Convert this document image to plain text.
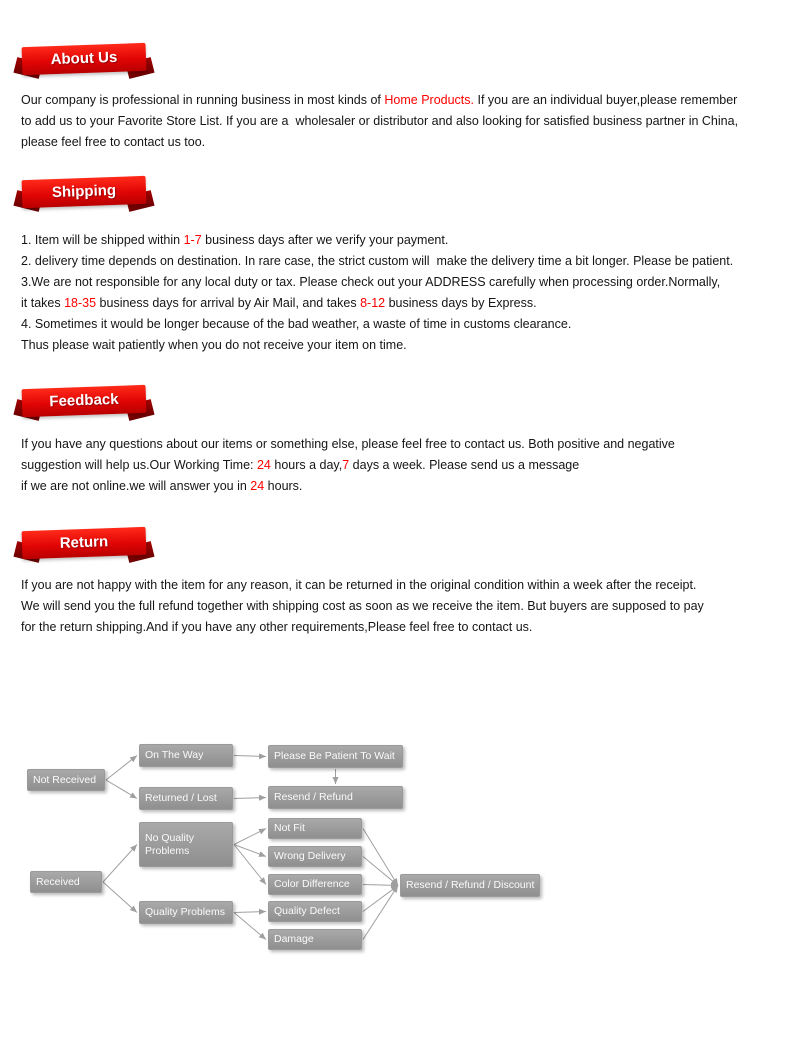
About Us
Our company is professional in running business in most kinds of Home Products. If you are an individual buyer,please remember
to add us to your Favorite Store List. If you are a  wholesaler or distributor and also looking for satisfied business partner in China,
please feel free to contact us too.
Shipping
1. Item will be shipped within 1-7 business days after we verify your payment.
2. delivery time depends on destination. In rare case, the strict custom will  make the delivery time a bit longer. Please be patient.
3.We are not responsible for any local duty or tax. Please check out your ADDRESS carefully when processing order.Normally,
it takes 18-35 business days for arrival by Air Mail, and takes 8-12 business days by Express.
4. Sometimes it would be longer because of the bad weather, a waste of time in customs clearance.
Thus please wait patiently when you do not receive your item on time.
Feedback
If you have any questions about our items or something else, please feel free to contact us. Both positive and negative
suggestion will help us.Our Working Time: 24 hours a day,7 days a week. Please send us a message
if we are not online.we will answer you in 24 hours.
Return
If you are not happy with the item for any reason, it can be returned in the original condition within a week after the receipt.
We will send you the full refund together with shipping cost as soon as we receive the item. But buyers are supposed to pay
for the return shipping.And if you have any other requirements,Please feel free to contact us.
Not Received
Received
On The Way
Returned / Lost
No Quality Problems
Quality Problems
Please Be Patient To Wait
Resend / Refund
Not Fit
Wrong Delivery
Color Difference
Quality Defect
Damage
Resend / Refund / Discount
